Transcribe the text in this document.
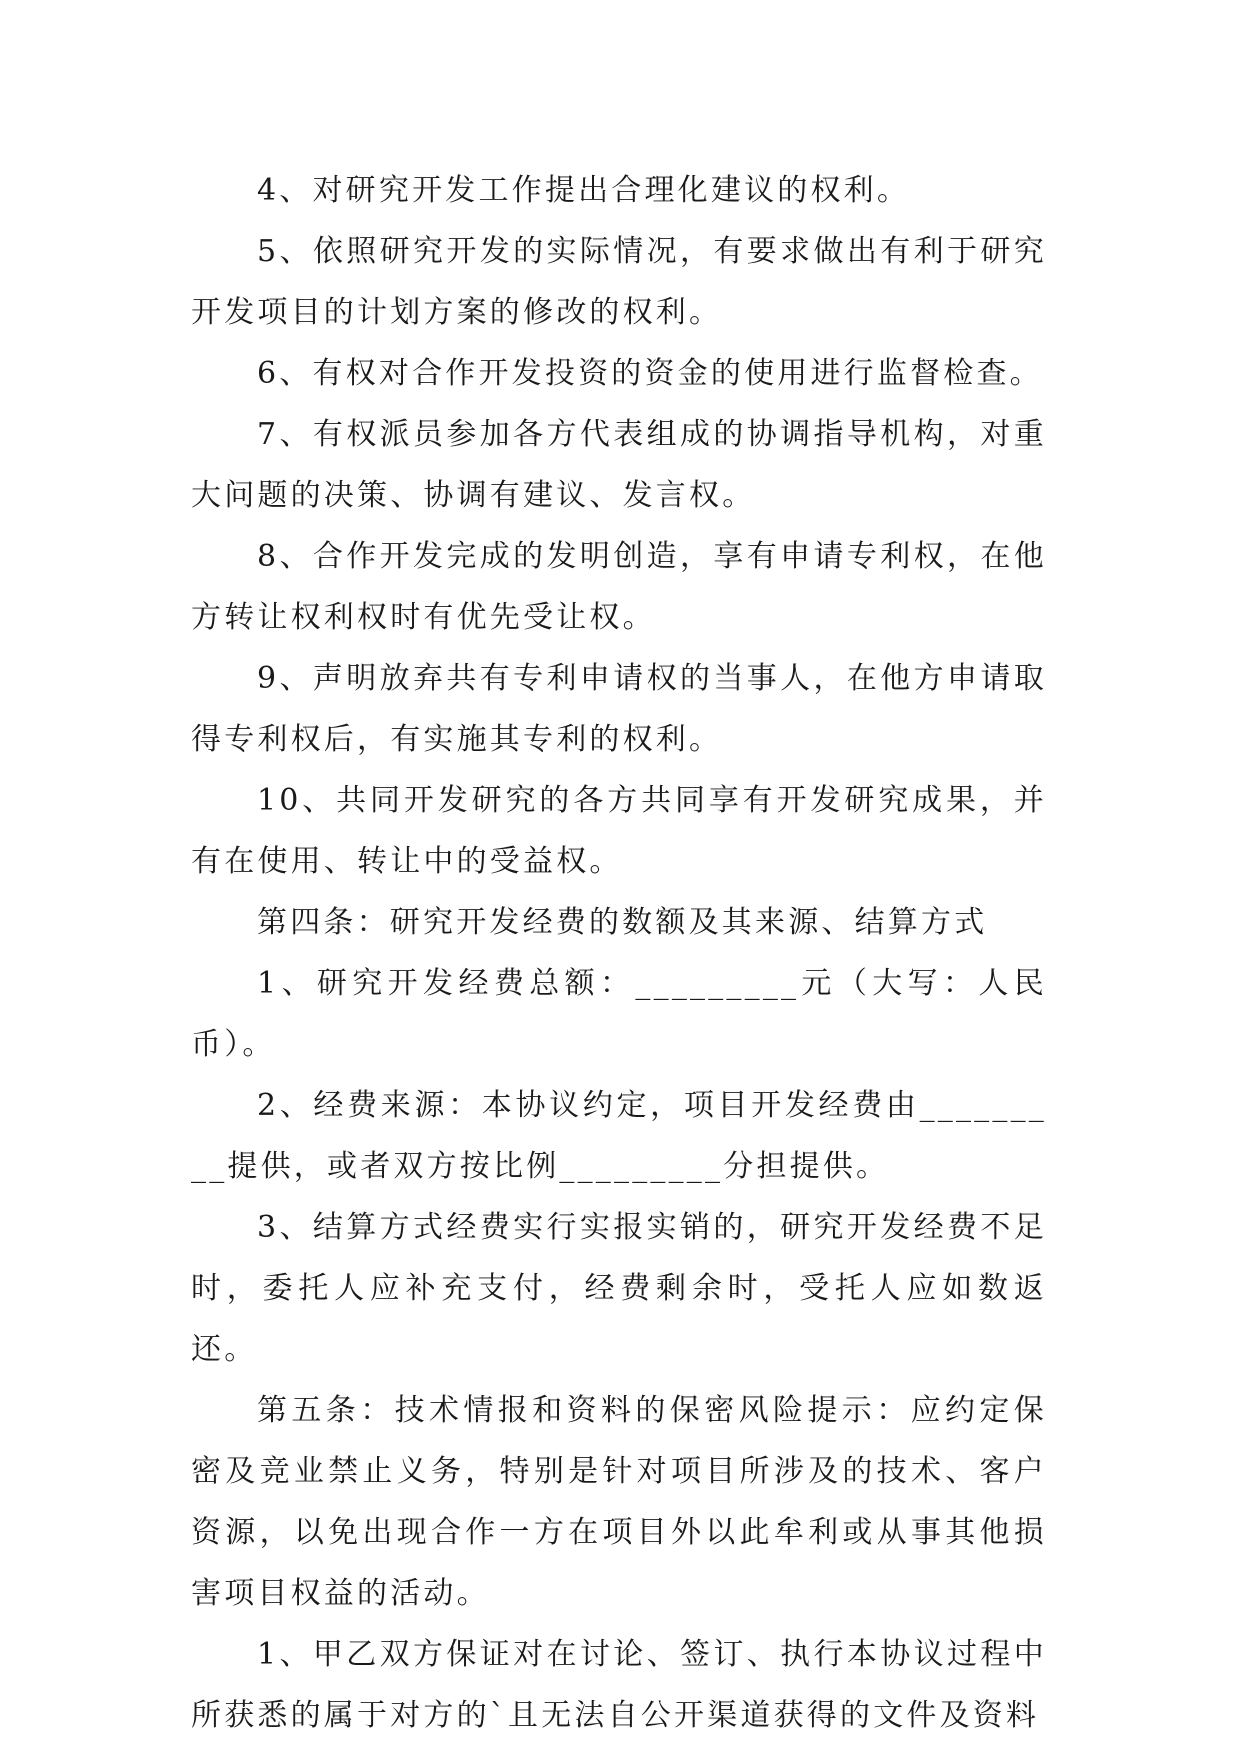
4、对研究开发工作提出合理化建议的权利。

5、依照研究开发的实际情况，有要求做出有利于研究开发项目的计划方案的修改的权利。

6、有权对合作开发投资的资金的使用进行监督检查。

7、有权派员参加各方代表组成的协调指导机构，对重大问题的决策、协调有建议、发言权。

8、合作开发完成的发明创造，享有申请专利权，在他方转让权利权时有优先受让权。

9、声明放弃共有专利申请权的当事人，在他方申请取得专利权后，有实施其专利的权利。

10、共同开发研究的各方共同享有开发研究成果，并有在使用、转让中的受益权。

第四条：研究开发经费的数额及其来源、结算方式

1、研究开发经费总额：_________元（大写：人民币）。

2、经费来源：本协议约定，项目开发经费由_________提供，或者双方按比例_________分担提供。

3、结算方式经费实行实报实销的，研究开发经费不足时，委托人应补充支付，经费剩余时，受托人应如数返还。

第五条：技术情报和资料的保密风险提示：应约定保密及竞业禁止义务，特别是针对项目所涉及的技术、客户资源，以免出现合作一方在项目外以此牟利或从事其他损害项目权益的活动。

1、甲乙双方保证对在讨论、签订、执行本协议过程中所获悉的属于对方的`且无法自公开渠道获得的文件及资料
